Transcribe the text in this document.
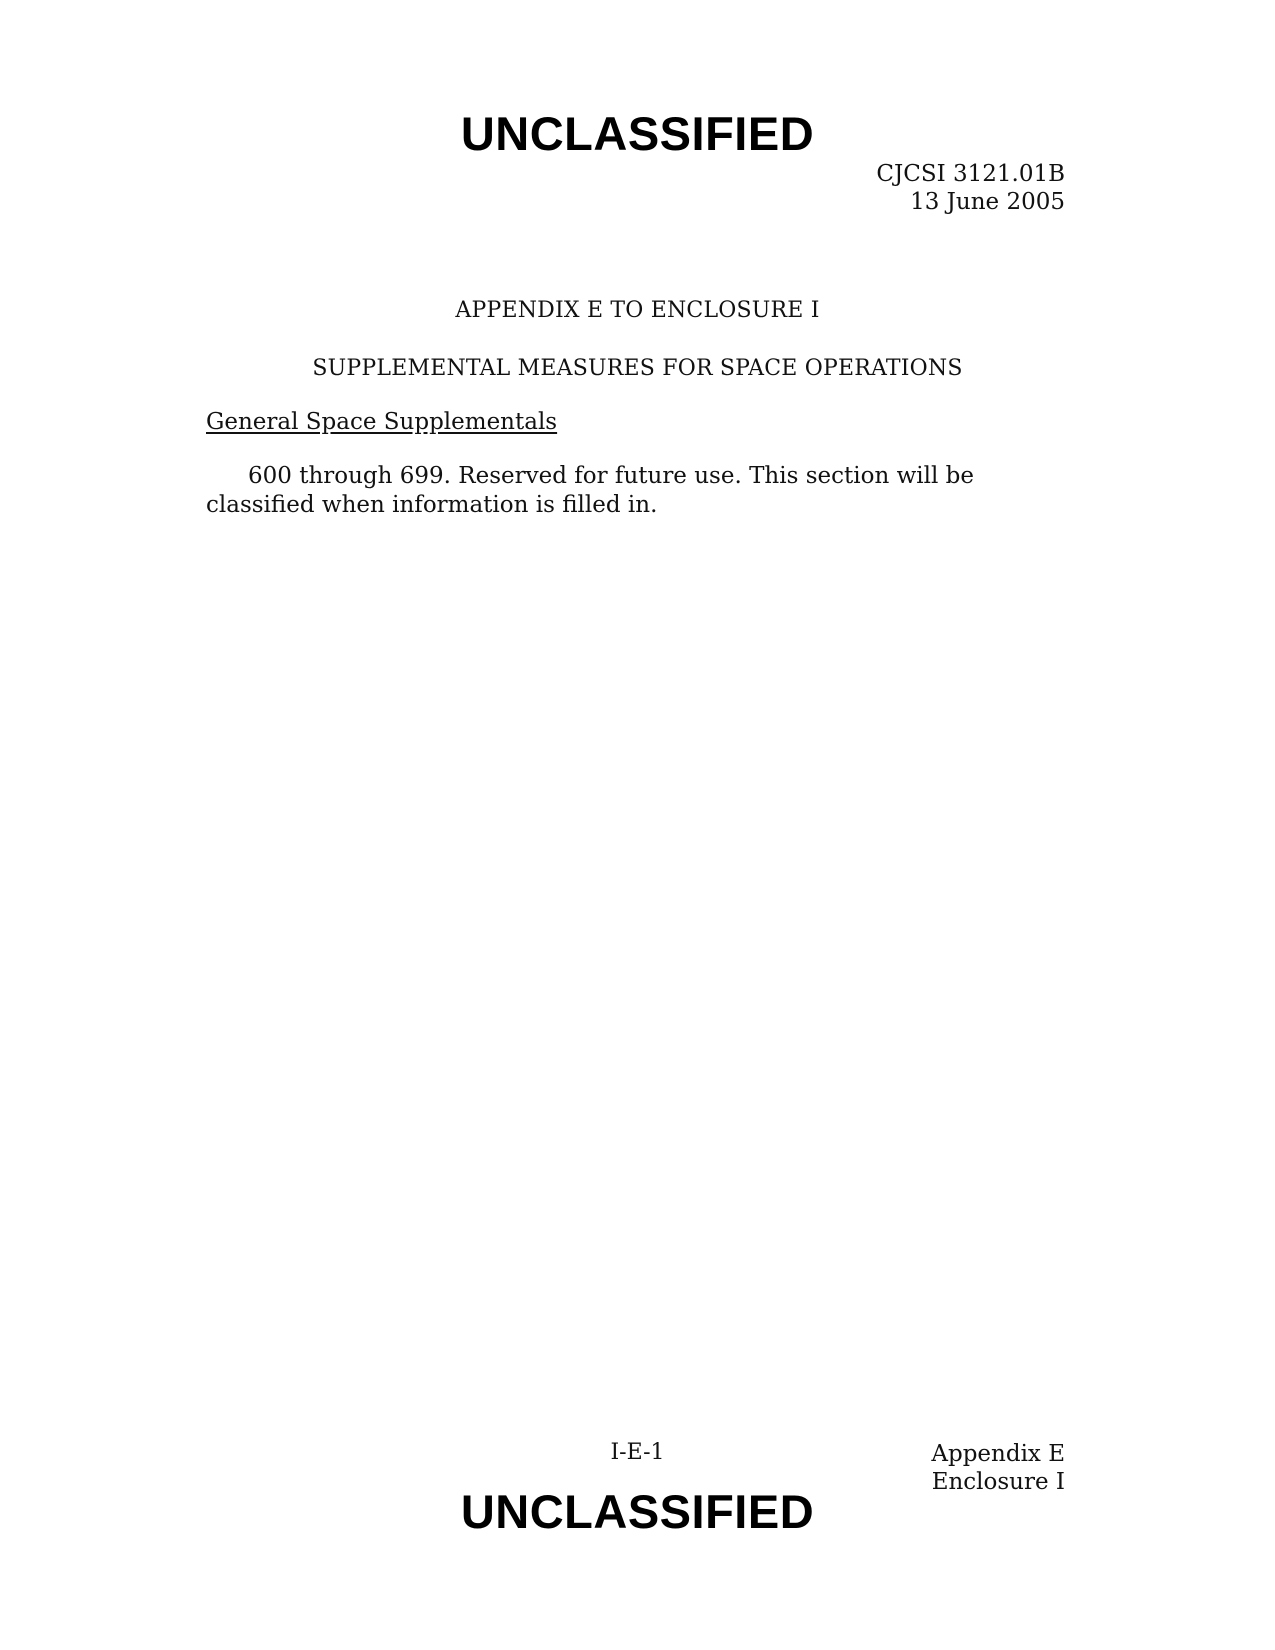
UNCLASSIFIED
CJCSI 3121.01B
13 June 2005
APPENDIX E TO ENCLOSURE I
SUPPLEMENTAL MEASURES FOR SPACE OPERATIONS
General Space Supplementals

600 through 699. Reserved for future use. This section will be classified when information is filled in.

I-E-1	Appendix E
Enclosure I
UNCLASSIFIED
